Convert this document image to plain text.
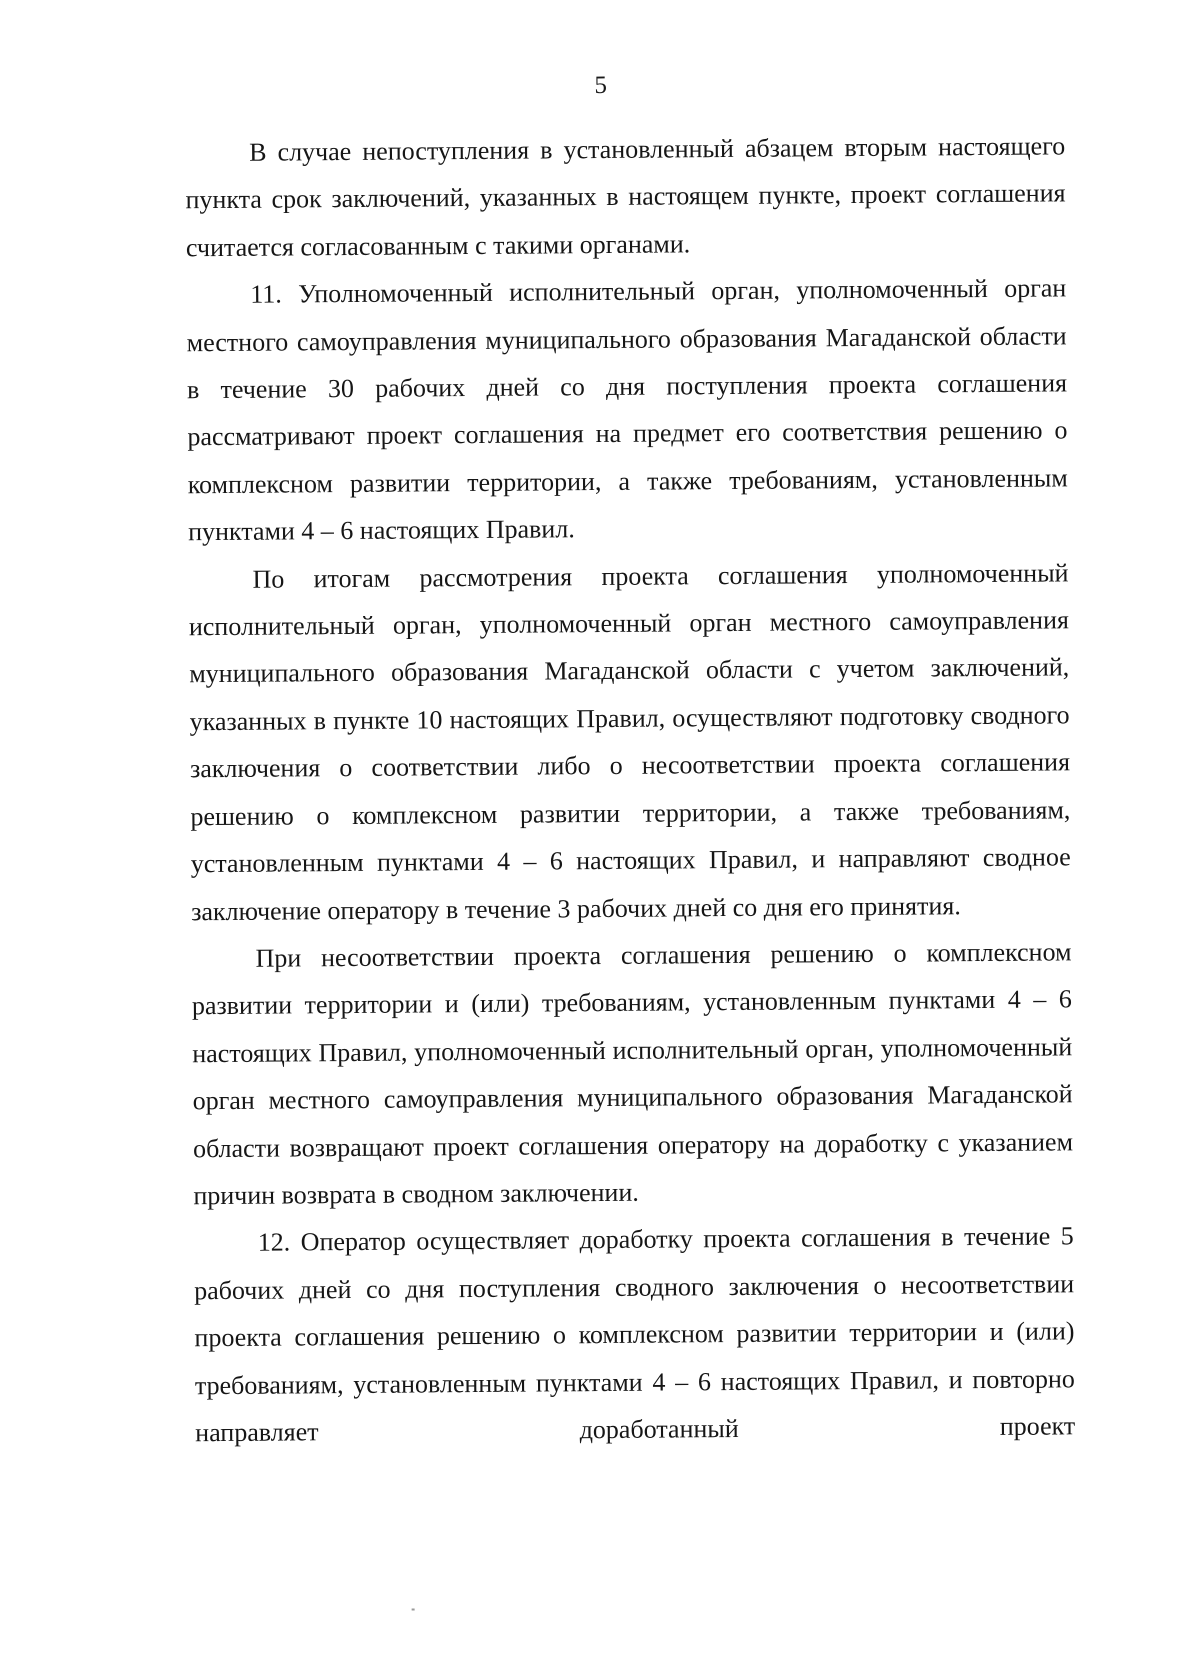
5

В случае непоступления в установленный абзацем вторым настоящего пункта срок заключений, указанных в настоящем пункте, проект соглашения считается согласованным с такими органами.

11. Уполномоченный исполнительный орган, уполномоченный орган местного самоуправления муниципального образования Магаданской области в течение 30 рабочих дней со дня поступления проекта соглашения рассматривают проект соглашения на предмет его соответствия решению о комплексном развитии территории, а также требованиям, установленным пунктами 4 – 6 настоящих Правил.

По итогам рассмотрения проекта соглашения уполномоченный исполнительный орган, уполномоченный орган местного самоуправления муниципального образования Магаданской области с учетом заключений, указанных в пункте 10 настоящих Правил, осуществляют подготовку сводного заключения о соответствии либо о несоответствии проекта соглашения решению о комплексном развитии территории, а также требованиям, установленным пунктами 4 – 6 настоящих Правил, и направляют сводное заключение оператору в течение 3 рабочих дней со дня его принятия.

При несоответствии проекта соглашения решению о комплексном развитии территории и (или) требованиям, установленным пунктами 4 – 6 настоящих Правил, уполномоченный исполнительный орган, уполномоченный орган местного самоуправления муниципального образования Магаданской области возвращают проект соглашения оператору на доработку с указанием причин возврата в сводном заключении.

12. Оператор осуществляет доработку проекта соглашения в течение 5 рабочих дней со дня поступления сводного заключения о несоответствии проекта соглашения решению о комплексном развитии территории и (или) требованиям, установленным пунктами 4 – 6 настоящих Правил, и повторно направляет доработанный проект
